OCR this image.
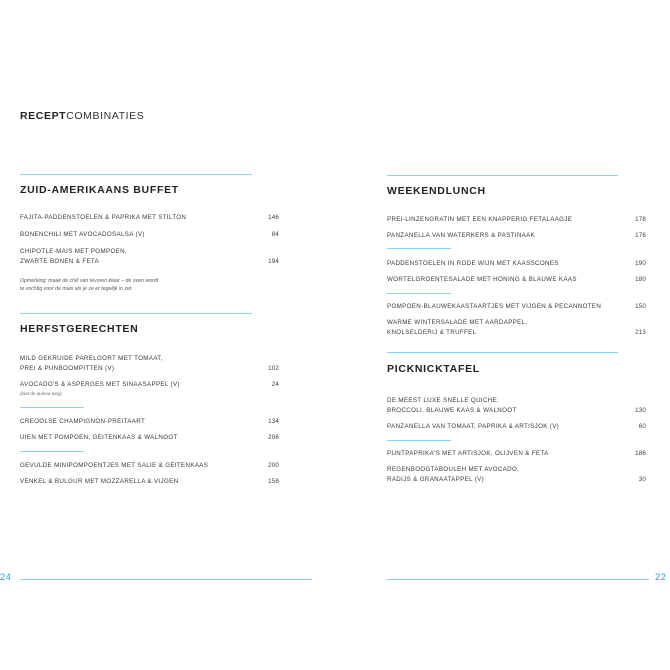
RECEPTCOMBINATIES
ZUID-AMERIKAANS BUFFET
FAJITA-PADDENSTOELEN & PAPRIKA MET STILTON	146
BONENCHILI MET AVOCADOSALSA (V)	84
CHIPOTLE-MAIS MET POMPOEN,
ZWARTE BONEN & FETA	194
Opmerking: maak de chili van tevoren klaar – de oven wordt
te vochtig voor de mais als je ze er tegelijk in zet.
HERFSTGERECHTEN
MILD GEKRUIDE PARELGORT MET TOMAAT,
PREI & PUNBOOMPITTEN (V)	102
AVOCADO'S & ASPERGES MET SINAASAPPEL (V)	24
(laat de quinoa weg)
CREOOLSE CHAMPIGNON-PREITAART	134
UIEN MET POMPOEN, GEITENKAAS & WALNOOT	206
GEVULDE MINIPOMPOENTJES MET SALIE & GEITENKAAS	200
VENKEL & BULGUR MET MOZZARELLA & VIJGEN	158
24
WEEKENDLUNCH
PREI-LINZENGRATIN MET EEN KNAPPERIG FETALAAGJE	178
PANZANELLA VAN WATERKERS & PASTINAAK	176
PADDENSTOELEN IN RODE WIJN MET KAASSCONES	190
WORTELGROENTESALADE MET HONING & BLAUWE KAAS	180
POMPOEN-BLAUWEKAASTAARTJES MET VIJGEN & PECANNOTEN	150
WARME WINTERSALADE MET AARDAPPEL,
KNOLSELDERIJ & TRUFFEL	213
PICKNICKTAFEL
DE MEEST LUXE SNELLE QUICHE:
BROCCOLI, BLAUWE KAAS & WALNOOT	130
PANZANELLA VAN TOMAAT, PAPRIKA & ARTISJOK (V)	60
PUNTPAPRIKA'S MET ARTISJOK, OLIJVEN & FETA	186
REGENBOOGTABOULEH MET AVOCADO,
RADIJS & GRANAATAPPEL (V)	30
22
